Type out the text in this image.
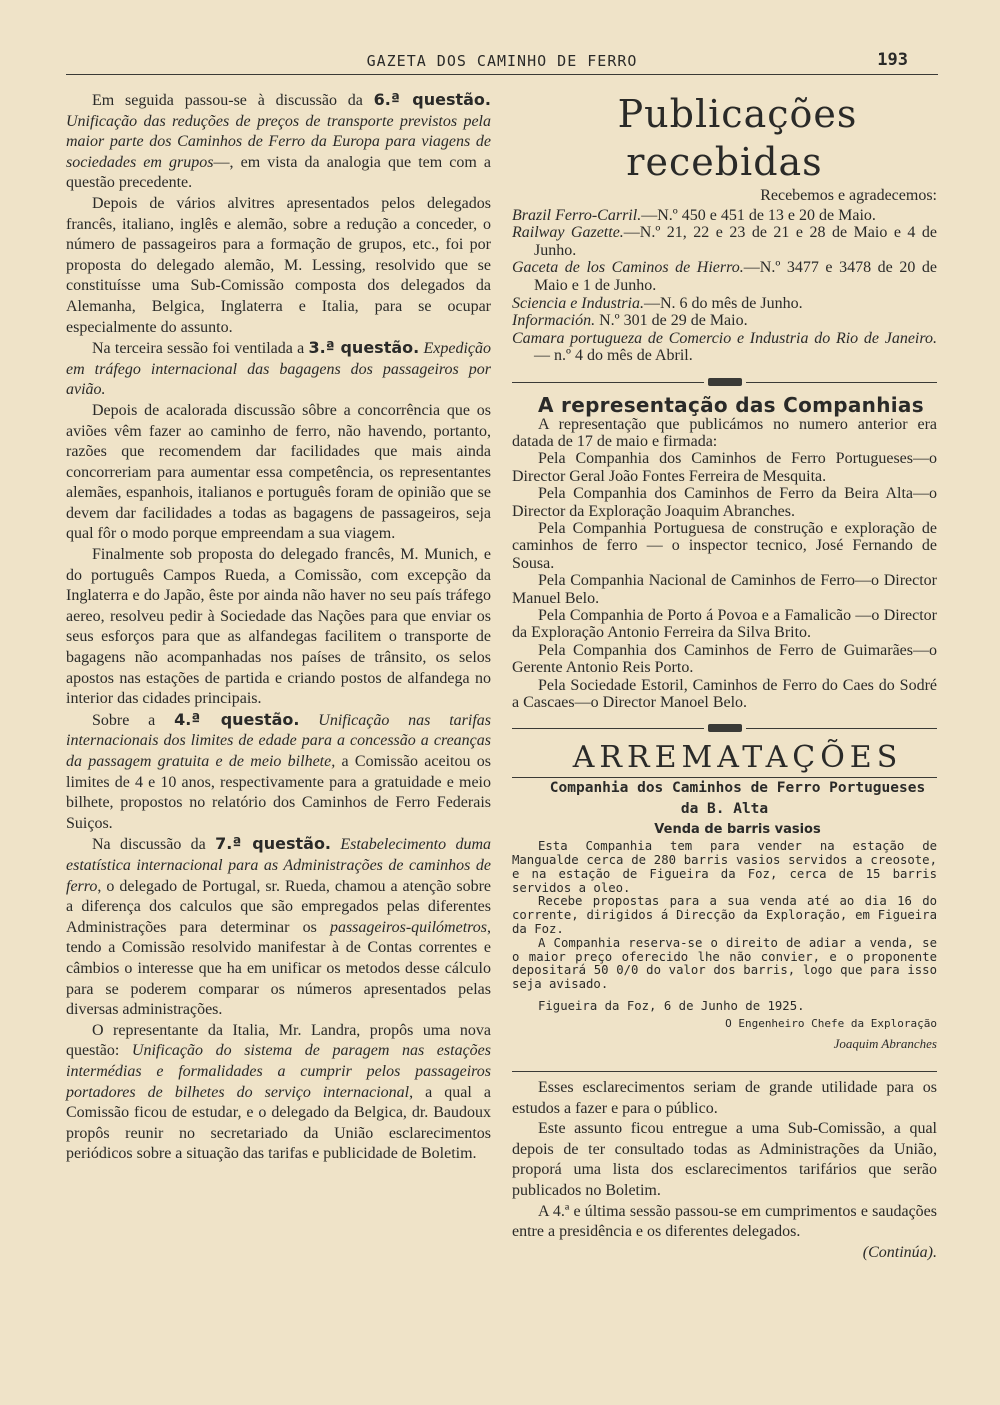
GAZETA DOS CAMINHO DE FERRO	193

Em seguida passou-se à discussão da 6.ª questão. Unificação das reduções de preços de transporte previstos pela maior parte dos Caminhos de Ferro da Europa para viagens de sociedades em grupos—, em vista da analogia que tem com a questão precedente.

Depois de vários alvitres apresentados pelos delegados francês, italiano, inglês e alemão, sobre a redução a conceder, o número de passageiros para a formação de grupos, etc., foi por proposta do delegado alemão, M. Lessing, resolvido que se constituísse uma Sub-Comissão composta dos delegados da Alemanha, Belgica, Inglaterra e Italia, para se ocupar especialmente do assunto.

Na terceira sessão foi ventilada a 3.ª questão. Expedição em tráfego internacional das bagagens dos passageiros por avião.

Depois de acalorada discussão sôbre a concorrência que os aviões vêm fazer ao caminho de ferro, não havendo, portanto, razões que recomendem dar facilidades que mais ainda concorreriam para aumentar essa competência, os representantes alemães, espanhois, italianos e português foram de opinião que se devem dar facilidades a todas as bagagens de passageiros, seja qual fôr o modo porque empreendam a sua viagem.

Finalmente sob proposta do delegado francês, M. Munich, e do português Campos Rueda, a Comissão, com excepção da Inglaterra e do Japão, êste por ainda não haver no seu país tráfego aereo, resolveu pedir à Sociedade das Nações para que enviar os seus esforços para que as alfandegas facilitem o transporte de bagagens não acompanhadas nos países de trânsito, os selos apostos nas estações de partida e criando postos de alfandega no interior das cidades principais.

Sobre a 4.ª questão. Unificação nas tarifas internacionais dos limites de edade para a concessão a creanças da passagem gratuita e de meio bilhete, a Comissão aceitou os limites de 4 e 10 anos, respectivamente para a gratuidade e meio bilhete, propostos no relatório dos Caminhos de Ferro Federais Suiços.

Na discussão da 7.ª questão. Estabelecimento duma estatística internacional para as Administrações de caminhos de ferro, o delegado de Portugal, sr. Rueda, chamou a atenção sobre a diferença dos calculos que são empregados pelas diferentes Administrações para determinar os passageiros-quilómetros, tendo a Comissão resolvido manifestar à de Contas correntes e câmbios o interesse que ha em unificar os metodos desse cálculo para se poderem comparar os números apresentados pelas diversas administrações.

O representante da Italia, Mr. Landra, propôs uma nova questão: Unificação do sistema de paragem nas estações intermédias e formalidades a cumprir pelos passageiros portadores de bilhetes do serviço internacional, a qual a Comissão ficou de estudar, e o delegado da Belgica, dr. Baudoux propôs reunir no secretariado da União esclarecimentos periódicos sobre a situação das tarifas e publicidade de Boletim.

Publicações recebidas

Recebemos e agradecemos:

Brazil Ferro-Carril.—N.º 450 e 451 de 13 e 20 de Maio.

Railway Gazette.—N.º 21, 22 e 23 de 21 e 28 de Maio e 4 de Junho.

Gaceta de los Caminos de Hierro.—N.º 3477 e 3478 de 20 de Maio e 1 de Junho.

Sciencia e Industria.—N. 6 do mês de Junho.

Información. N.º 301 de 29 de Maio.

Camara portugueza de Comercio e Industria do Rio de Janeiro.— n.º 4 do mês de Abril.

A representação das Companhias

A representação que publicámos no numero anterior era datada de 17 de maio e firmada:

Pela Companhia dos Caminhos de Ferro Portugueses—o Director Geral João Fontes Ferreira de Mesquita.

Pela Companhia dos Caminhos de Ferro da Beira Alta—o Director da Exploração Joaquim Abranches.

Pela Companhia Portuguesa de construção e exploração de caminhos de ferro — o inspector tecnico, José Fernando de Sousa.

Pela Companhia Nacional de Caminhos de Ferro—o Director Manuel Belo.

Pela Companhia de Porto á Povoa e a Famalicão —o Director da Exploração Antonio Ferreira da Silva Brito.

Pela Companhia dos Caminhos de Ferro de Guimarães—o Gerente Antonio Reis Porto.

Pela Sociedade Estoril, Caminhos de Ferro do Caes do Sodré a Cascaes—o Director Manoel Belo.

ARREMATAÇÕES

Companhia dos Caminhos de Ferro Portugueses da B. Alta

Venda de barris vasios

Esta Companhia tem para vender na estação de Mangualde cerca de 280 barris vasios servidos a creosote, e na estação de Figueira da Foz, cerca de 15 barris servidos a oleo.

Recebe propostas para a sua venda até ao dia 16 do corrente, dirigidos á Direcção da Exploração, em Figueira da Foz.

A Companhia reserva-se o direito de adiar a venda, se o maior preço oferecido lhe não convier, e o proponente depositará 50 0/0 do valor dos barris, logo que para isso seja avisado.

Figueira da Foz, 6 de Junho de 1925.

O Engenheiro Chefe da Exploração

Joaquim Abranches

Esses esclarecimentos seriam de grande utilidade para os estudos a fazer e para o público.

Este assunto ficou entregue a uma Sub-Comissão, a qual depois de ter consultado todas as Administrações da União, proporá uma lista dos esclarecimentos tarifários que serão publicados no Boletim.

A 4.ª e última sessão passou-se em cumprimentos e saudações entre a presidência e os diferentes delegados.

(Continúa).
